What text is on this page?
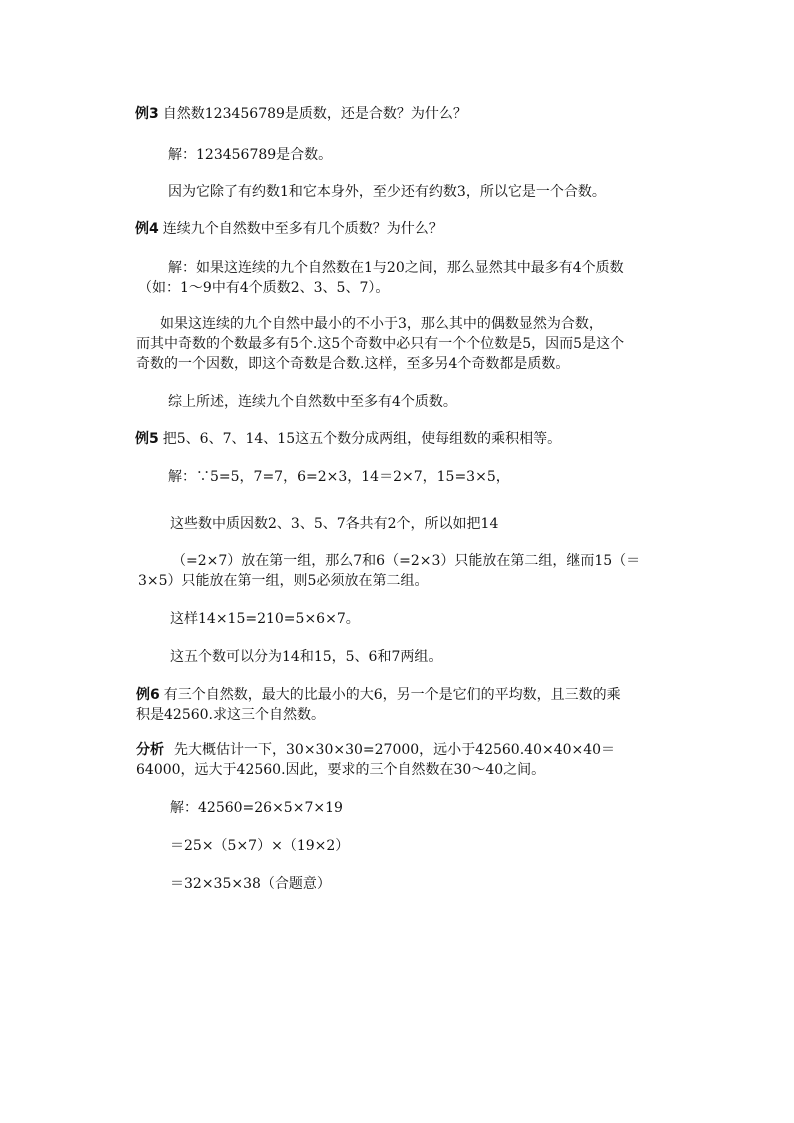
例3 自然数123456789是质数，还是合数？为什么？
解：123456789是合数。
因为它除了有约数1和它本身外，至少还有约数3，所以它是一个合数。
例4 连续九个自然数中至多有几个质数？为什么？
解：如果这连续的九个自然数在1与20之间，那么显然其中最多有4个质数
（如：1～9中有4个质数2、3、5、7）。
如果这连续的九个自然中最小的不小于3，那么其中的偶数显然为合数，
而其中奇数的个数最多有5个.这5个奇数中必只有一个个位数是5，因而5是这个
奇数的一个因数，即这个奇数是合数.这样，至多另4个奇数都是质数。
综上所述，连续九个自然数中至多有4个质数。
例5 把5、6、7、14、15这五个数分成两组，使每组数的乘积相等。
解：∵5=5，7=7，6=2×3，14＝2×7，15=3×5，
这些数中质因数2、3、5、7各共有2个，所以如把14
（=2×7）放在第一组，那么7和6（=2×3）只能放在第二组，继而15（＝
3×5）只能放在第一组，则5必须放在第二组。
这样14×15=210=5×6×7。
这五个数可以分为14和15，5、6和7两组。
例6 有三个自然数，最大的比最小的大6，另一个是它们的平均数，且三数的乘
积是42560.求这三个自然数。
分析 先大概估计一下，30×30×30=27000，远小于42560.40×40×40＝
64000，远大于42560.因此，要求的三个自然数在30～40之间。
解：42560=26×5×7×19
＝25×（5×7）×（19×2）
＝32×35×38（合题意）
